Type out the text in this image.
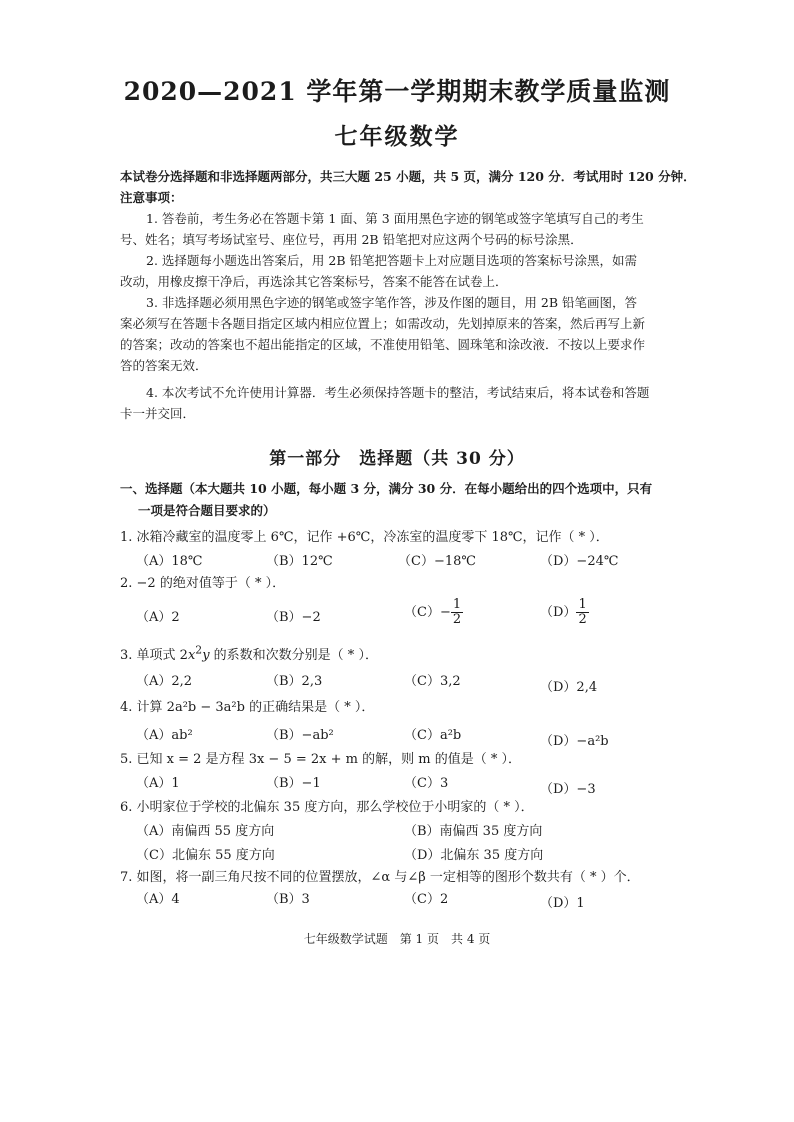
2020—2021 学年第一学期期末教学质量监测
七年级数学

本试卷分选择题和非选择题两部分，共三大题 25 小题，共 5 页，满分 120 分．考试用时 120 分钟．

注意事项：

1. 答卷前，考生务必在答题卡第 1 面、第 3 面用黑色字迹的钢笔或签字笔填写自己的考生

号、姓名；填写考场试室号、座位号，再用 2B 铅笔把对应这两个号码的标号涂黑．

2. 选择题每小题选出答案后，用 2B 铅笔把答题卡上对应题目选项的答案标号涂黑，如需

改动，用橡皮擦干净后，再选涂其它答案标号，答案不能答在试卷上．

3. 非选择题必须用黑色字迹的钢笔或签字笔作答，涉及作图的题目，用 2B 铅笔画图，答

案必须写在答题卡各题目指定区域内相应位置上；如需改动，先划掉原来的答案，然后再写上新

的答案；改动的答案也不超出能指定的区域，不准使用铅笔、圆珠笔和涂改液．不按以上要求作

答的答案无效．

4. 本次考试不允许使用计算器．考生必须保持答题卡的整洁，考试结束后，将本试卷和答题

卡一并交回．

第一部分　选择题（共 30 分）
一、选择题（本大题共 10 小题，每小题 3 分，满分 30 分．在每小题给出的四个选项中，只有
一项是符合题目要求的）
1. 冰箱冷藏室的温度零上 6℃，记作 +6℃，冷冻室的温度零下 18℃，记作（ * ）．
（A）18℃	（B）12℃	（C）−18℃	（D）−24℃
2. −2 的绝对值等于（ * ）．
（A）2	（B）−2	$(C)- \frac{1}{2}$	$(D) \frac{1}{2}$
3. 单项式 $2x^2y$ 的系数和次数分别是（ * ）．
（A）2,2	（B）2,3	（C）3,2	（D）2,4
4. 计算 2a²b − 3a²b 的正确结果是（ * ）．
（A）ab²	（B）−ab²	（C）a²b	（D）−a²b
5. 已知 x = 2 是方程 3x − 5 = 2x + m 的解，则 m 的值是（ * ）．
（A）1	（B）−1	（C）3	（D）−3
6. 小明家位于学校的北偏东 35 度方向，那么学校位于小明家的（ * ）．
（A）南偏西 55 度方向	（B）南偏西 35 度方向
（C）北偏东 55 度方向	（D）北偏东 35 度方向
7. 如图，将一副三角尺按不同的位置摆放，∠α 与∠β 一定相等的图形个数共有（ * ）个．
（A）4	（B）3	（C）2	（D）1
七年级数学试题　第 1 页　共 4 页
